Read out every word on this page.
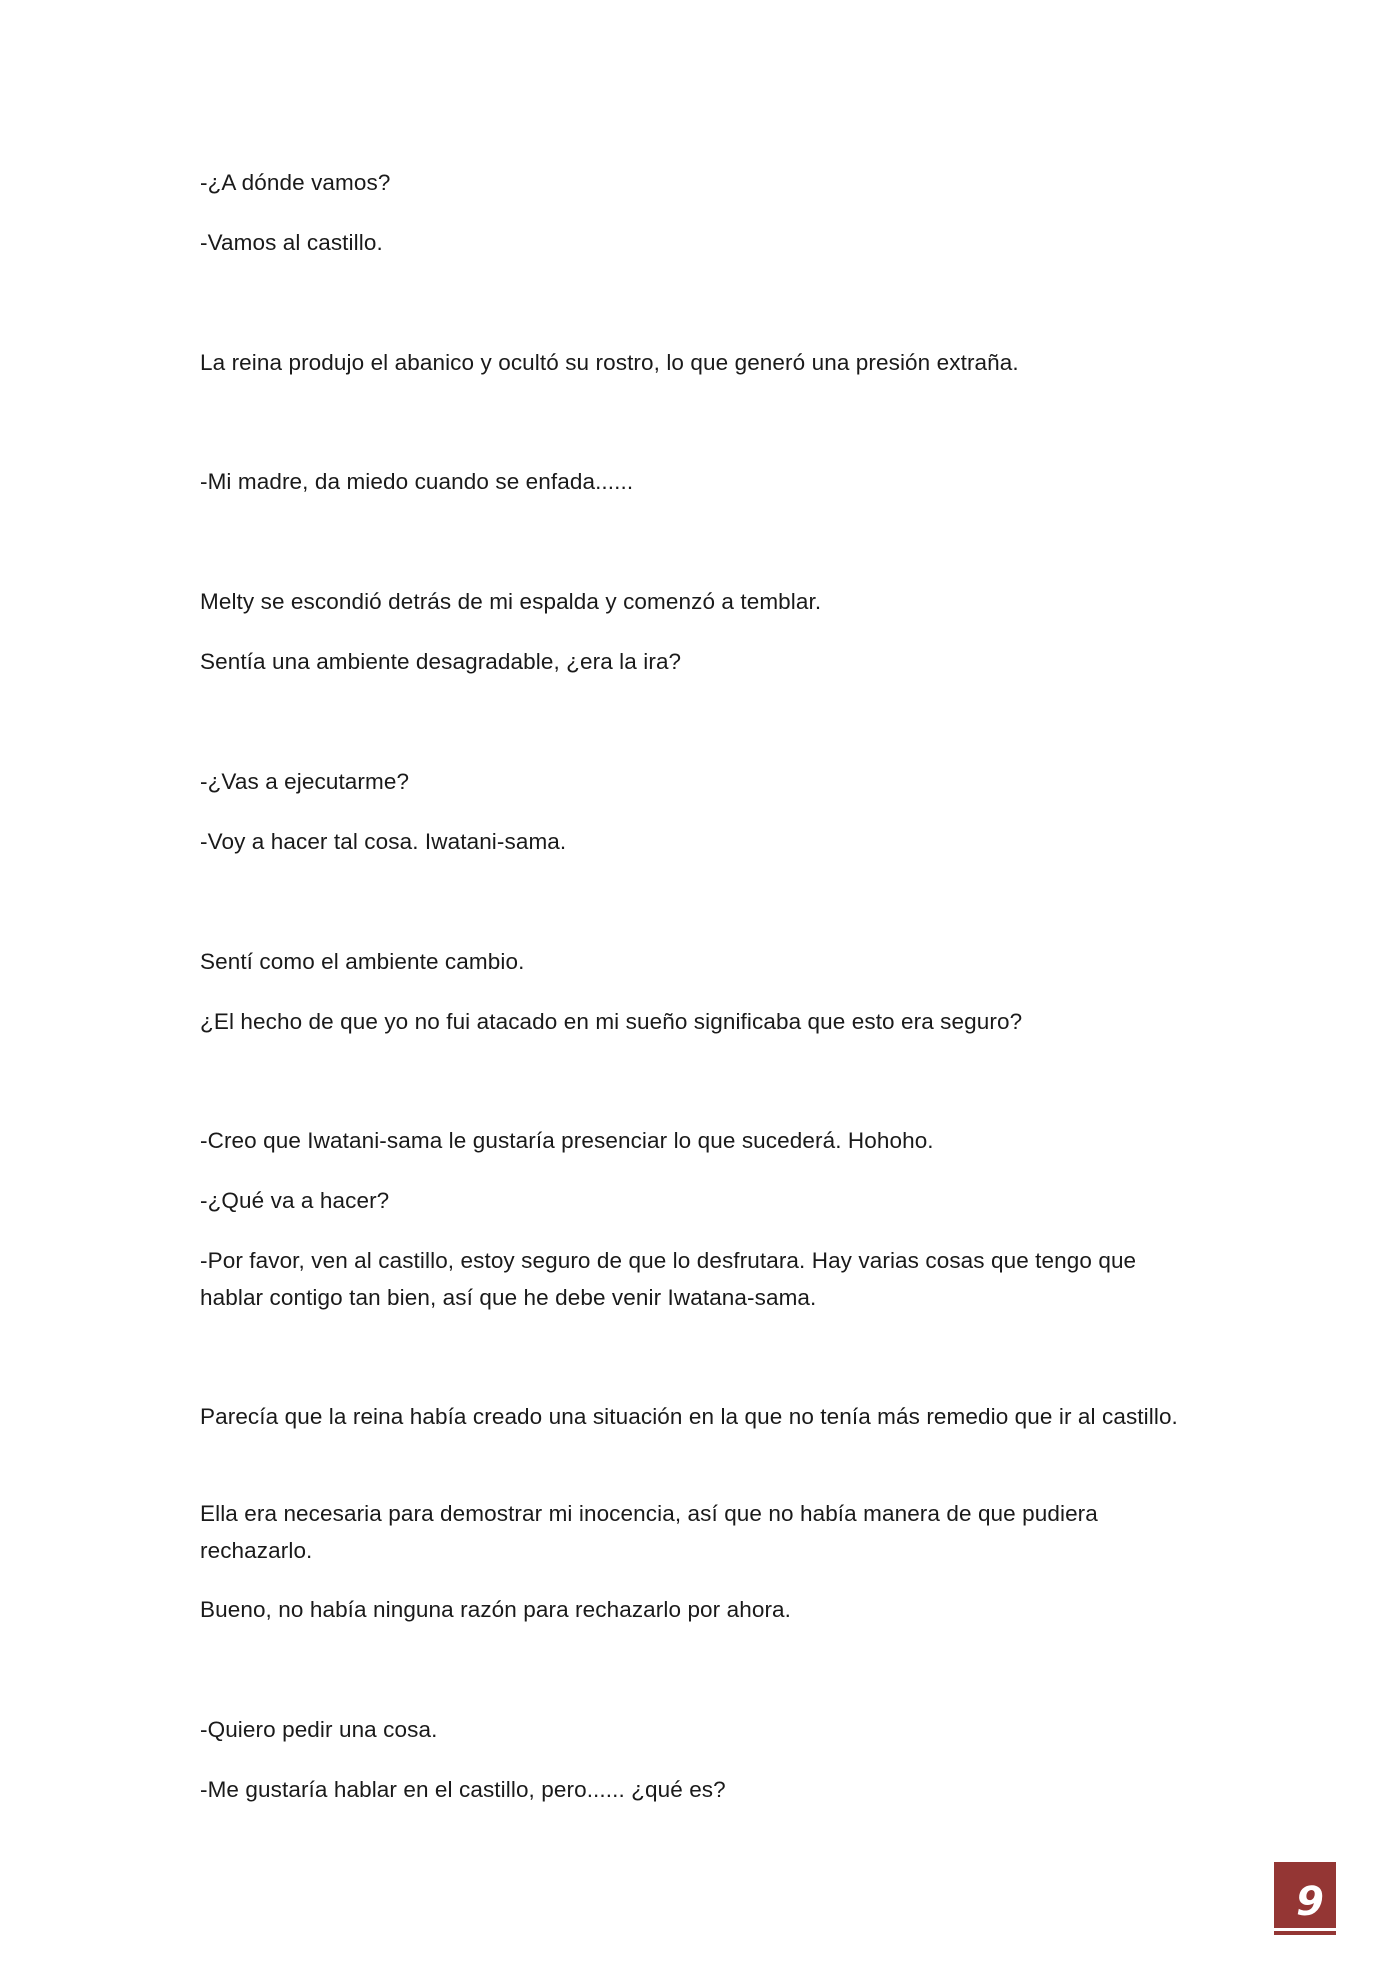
-¿A dónde vamos?

-Vamos al castillo.

La reina produjo el abanico y ocultó su rostro, lo que generó una presión extraña.

-Mi madre, da miedo cuando se enfada......

Melty se escondió detrás de mi espalda y comenzó a temblar.

Sentía una ambiente desagradable, ¿era la ira?

-¿Vas a ejecutarme?

-Voy a hacer tal cosa. Iwatani-sama.

Sentí como el ambiente cambio.

¿El hecho de que yo no fui atacado en mi sueño significaba que esto era seguro?

-Creo que Iwatani-sama le gustaría presenciar lo que sucederá. Hohoho.

-¿Qué va a hacer?

-Por favor, ven al castillo, estoy seguro de que lo desfrutara. Hay varias cosas que tengo que hablar contigo tan bien, así que he debe venir Iwatana-sama.

Parecía que la reina había creado una situación en la que no tenía más remedio que ir al castillo.

Ella era necesaria para demostrar mi inocencia, así que no había manera de que pudiera rechazarlo.

Bueno, no había ninguna razón para rechazarlo por ahora.

-Quiero pedir una cosa.

-Me gustaría hablar en el castillo, pero...... ¿qué es?

9
